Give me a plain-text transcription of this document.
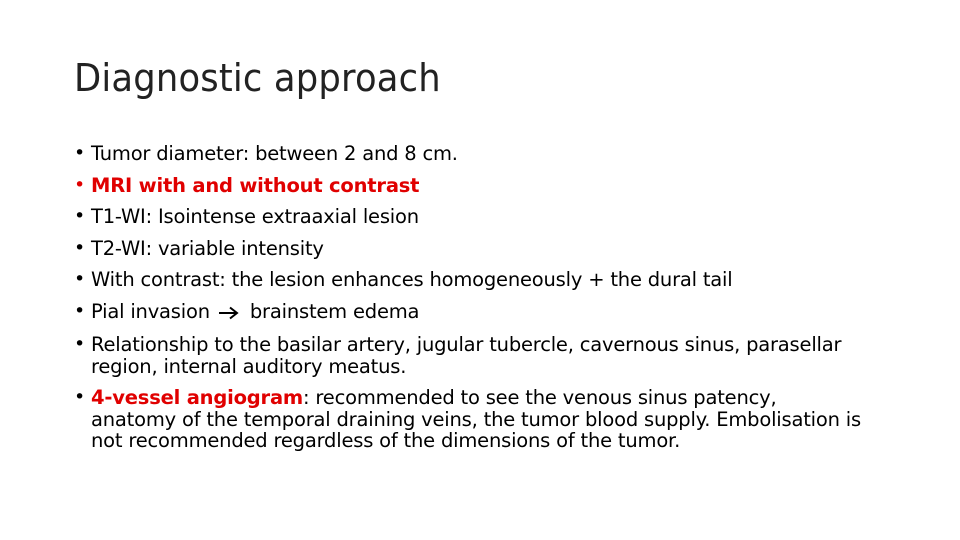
Diagnostic approach
• Tumor diameter: between 2 and 8 cm.
• MRI with and without contrast
• T1-WI: Isointense extraaxial lesion
• T2-WI: variable intensity
• With contrast: the lesion enhances homogeneously + the dural tail
• Pial invasion brainstem edema
• Relationship to the basilar artery, jugular tubercle, cavernous sinus, parasellar region, internal auditory meatus.
• 4-vessel angiogram: recommended to see the venous sinus patency, anatomy of the temporal draining veins, the tumor blood supply. Embolisation is not recommended regardless of the dimensions of the tumor.
